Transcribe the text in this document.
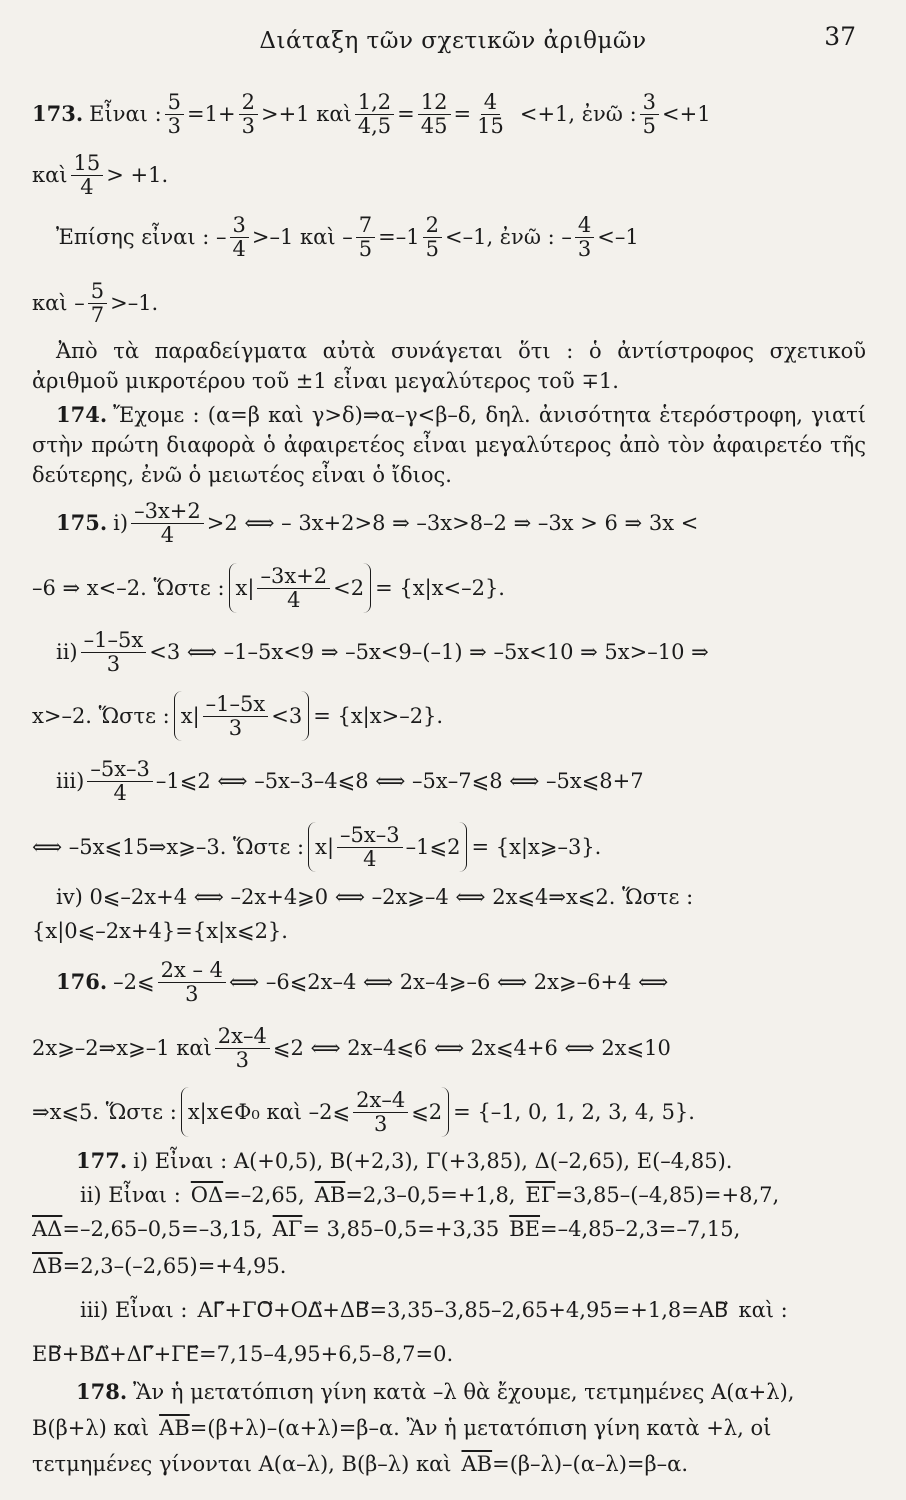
Διάταξη τῶν σχετικῶν ἀριθμῶν	37
173. Εἶναι : $\frac{5}{3} =1+ \frac{2}{3} >+1$ καὶ $\frac{1,2}{4,5} = \frac{12}{45} = \frac{4}{15} <+1$, ἐνῶ : $\frac{3}{5} <+1$
καὶ $\frac{15}{4} > +1$.
Ἐπίσης εἶναι : – $\frac{3}{4} >-1$ καὶ – $\frac{7}{5} =-1 \frac{2}{5} <-1$, ἐνῶ : – $\frac{4}{3} <-1$
καὶ – $\frac{5}{7} >-1$.

Ἀπὸ τὰ παραδείγματα αὐτὰ συνάγεται ὅτι : ὁ ἀντίστροφος σχετικοῦ ἀριθμοῦ μικροτέρου τοῦ ±1 εἶναι μεγαλύτερος τοῦ ∓1.

174. Ἔχομε : (α=β καὶ γ>δ)⇒α–γ<β–δ, δηλ. ἀνισότητα ἑτερόστροφη, γιατί στὴν πρώτη διαφορὰ ὁ ἀφαιρετέος εἶναι μεγαλύτερος ἀπὸ τὸν ἀφαιρετέο τῆς δεύτερης, ἐνῶ ὁ μειωτέος εἶναι ὁ ἴδιος.

175. $i) \frac{-3x+2}{4} >2$ ⟺ – 3x+2>8 ⇒ –3x>8–2 ⇒ –3x > 6 ⇒ 3x <
–6 ⇒ x<–2. Ὥστε : $x| \frac{-3x+2}{4} <2 = \{x|x<-2\}$.
$ii) \frac{-1-5x}{3} <3$ ⟺ –1–5x<9 ⇒ –5x<9–(–1) ⇒ –5x<10 ⇒ 5x>–10 ⇒
x>–2. Ὥστε : $x| \frac{-1-5x}{3} <3 = \{x|x>-2\}$.
$iii) \frac{-5x-3}{4}$ –1⩽2 ⟺ –5x–3–4⩽8 ⟺ –5x–7⩽8 ⟺ –5x⩽8+7
⟺ –5x⩽15⇒x⩾–3. Ὥστε : $x| \frac{-5x-3}{4}$ –1⩽2 = {x|x⩾–3}.
iv) 0⩽–2x+4 ⟺ –2x+4⩾0 ⟺ –2x⩾–4 ⟺ 2x⩽4⇒x⩽2. Ὥστε :
{x|0⩽–2x+4}={x|x⩽2}.
176. –2⩽ $\frac{2x - 4}{3}$ ⟺ –6⩽2x–4 ⟺ 2x–4⩾–6 ⟺ 2x⩾–6+4 ⟺
2x⩾–2⇒x⩾–1 καὶ $\frac{2x-4}{3}$ ⩽2 ⟺ 2x–4⩽6 ⟺ 2x⩽4+6 ⟺ 2x⩽10
⇒x⩽5. Ὥστε : x|x∈Φ₀ καὶ –2⩽ $\frac{2x-4}{3}$ ⩽2 = {–1, 0, 1, 2, 3, 4, 5}.
177. i) Εἶναι : Α(+0,5), Β(+2,3), Γ(+3,85), Δ(–2,65), Ε(–4,85).
ii) Εἶναι : $\overline{O\Delta} =-2,65$, $\overline{AB} =2,3-0,5=+1,8$, $\overline{E\Gamma} =3,85-(-4,85)=+8,7$,
$\overline{A\Delta} =-2,65-0,5=-3,15$, $\overline{A\Gamma} = 3,85-0,5=+3,35$ $\overline{BE} =-4,85-2,3=-7,15$,
$\overline{\Delta B} =2,3-(-2,65)=+4,95$.
iii) Εἶναι : ΑΓ⃗+ΓΟ⃗+ΟΔ⃗+ΔΒ⃗ =3,35–3,85–2,65+4,95=+1,8= ΑΒ⃗ καὶ :
ΕΒ⃗+ΒΔ⃗+ΔΓ⃗+ΓΕ⃗ =7,15–4,95+6,5–8,7=0.
178. Ἂν ἡ μετατόπιση γίνη κατὰ –λ θὰ ἔχουμε, τετμημένες Α(α+λ),
Β(β+λ) καὶ $\overline{AB} =(\beta+\lambda)-(\alpha+\lambda)=\beta-\alpha$. Ἂν ἡ μετατόπιση γίνη κατὰ +λ, οἱ
τετμημένες γίνονται Α(α–λ), Β(β–λ) καὶ $\overline{AB} =(\beta-\lambda)-(\alpha-\lambda)=\beta-\alpha$.
